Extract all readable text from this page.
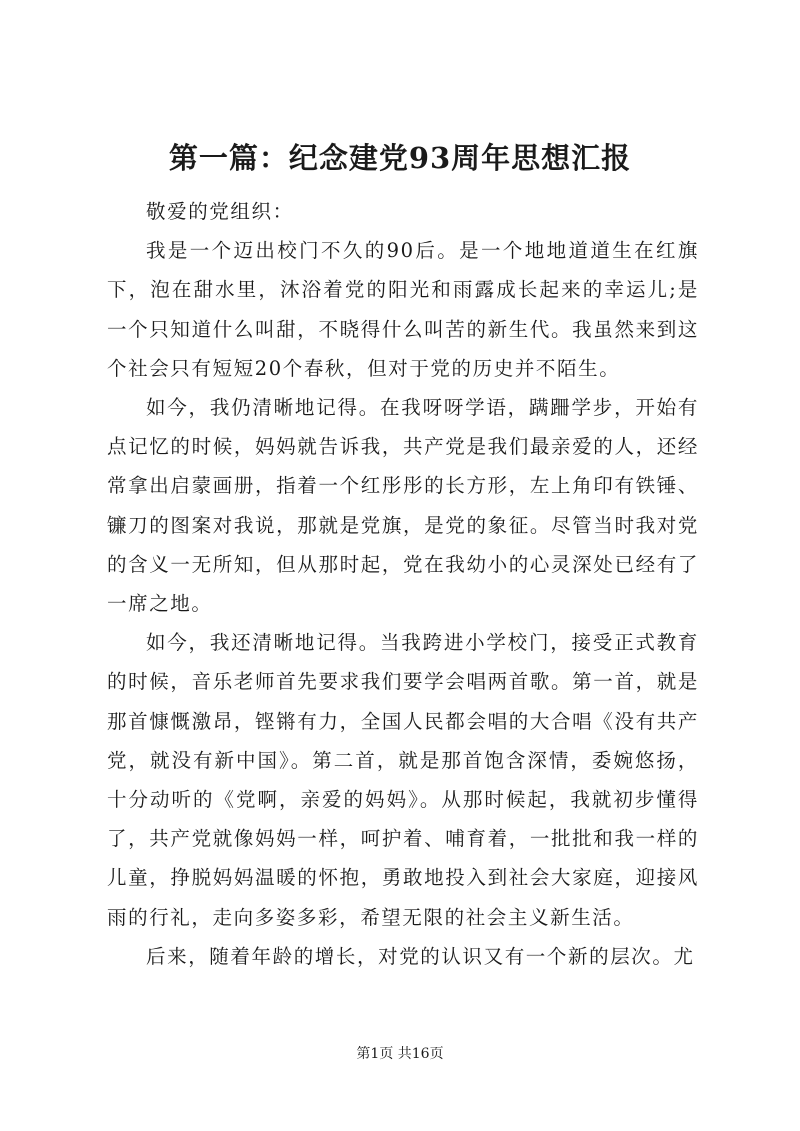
第一篇：纪念建党93周年思想汇报

敬爱的党组织：

我是一个迈出校门不久的90后。是一个地地道道生在红旗下，泡在甜水里，沐浴着党的阳光和雨露成长起来的幸运儿;是一个只知道什么叫甜，不晓得什么叫苦的新生代。我虽然来到这个社会只有短短20个春秋，但对于党的历史并不陌生。

如今，我仍清晰地记得。在我呀呀学语，蹒跚学步，开始有点记忆的时候，妈妈就告诉我，共产党是我们最亲爱的人，还经常拿出启蒙画册，指着一个红彤彤的长方形，左上角印有铁锤、镰刀的图案对我说，那就是党旗，是党的象征。尽管当时我对党的含义一无所知，但从那时起，党在我幼小的心灵深处已经有了一席之地。

如今，我还清晰地记得。当我跨进小学校门，接受正式教育的时候，音乐老师首先要求我们要学会唱两首歌。第一首，就是那首慷慨激昂，铿锵有力，全国人民都会唱的大合唱《没有共产党，就没有新中国》。第二首，就是那首饱含深情，委婉悠扬，十分动听的《党啊，亲爱的妈妈》。从那时候起，我就初步懂得了，共产党就像妈妈一样，呵护着、哺育着，一批批和我一样的儿童，挣脱妈妈温暖的怀抱，勇敢地投入到社会大家庭，迎接风雨的行礼，走向多姿多彩，希望无限的社会主义新生活。

后来，随着年龄的增长，对党的认识又有一个新的层次。尤

第1页 共16页
